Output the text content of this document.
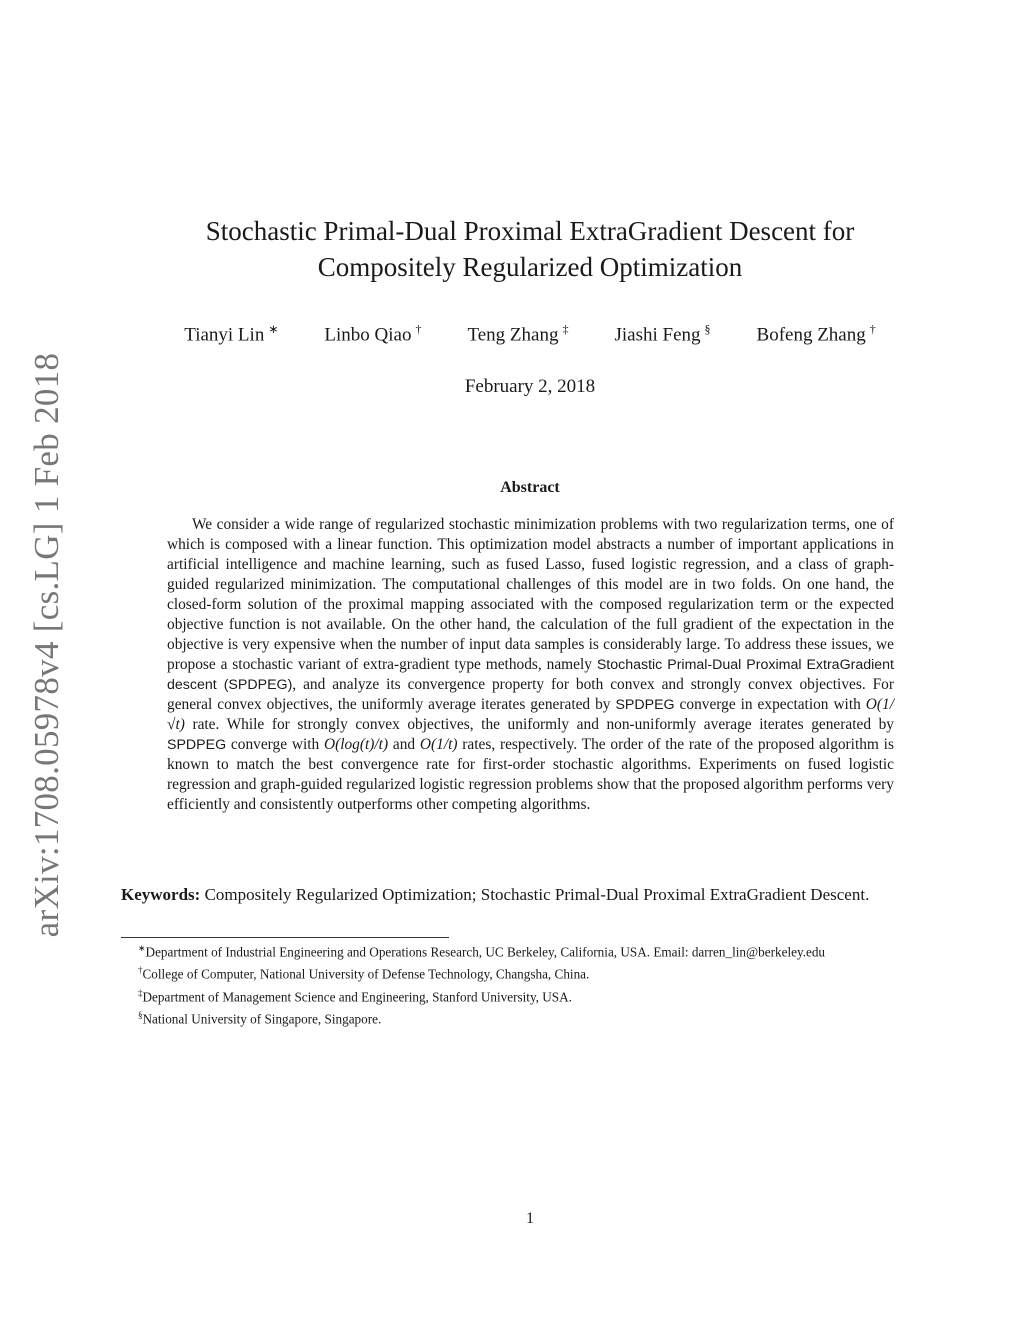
arXiv:1708.05978v4 [cs.LG] 1 Feb 2018
Stochastic Primal-Dual Proximal ExtraGradient Descent for
Compositely Regularized Optimization
Tianyi Lin ∗ Linbo Qiao † Teng Zhang ‡ Jiashi Feng § Bofeng Zhang †
February 2, 2018
Abstract
We consider a wide range of regularized stochastic minimization problems with two regularization terms, one of which is composed with a linear function. This optimization model abstracts a number of important applications in artificial intelligence and machine learning, such as fused Lasso, fused logistic regression, and a class of graph-guided regularized minimization. The computational challenges of this model are in two folds. On one hand, the closed-form solution of the proximal mapping associated with the composed regularization term or the expected objective function is not available. On the other hand, the calculation of the full gradient of the expectation in the objective is very expensive when the number of input data samples is considerably large. To address these issues, we propose a stochastic variant of extra-gradient type methods, namely Stochastic Primal-Dual Proximal ExtraGradient descent (SPDPEG), and analyze its convergence property for both convex and strongly convex objectives. For general convex objectives, the uniformly average iterates generated by SPDPEG converge in expectation with O(1/√t) rate. While for strongly convex objectives, the uniformly and non-uniformly average iterates generated by SPDPEG converge with O(log(t)/t) and O(1/t) rates, respectively. The order of the rate of the proposed algorithm is known to match the best convergence rate for first-order stochastic algorithms. Experiments on fused logistic regression and graph-guided regularized logistic regression problems show that the proposed algorithm performs very efficiently and consistently outperforms other competing algorithms.
Keywords: Compositely Regularized Optimization; Stochastic Primal-Dual Proximal ExtraGradient Descent.
∗Department of Industrial Engineering and Operations Research, UC Berkeley, California, USA. Email: darren_lin@berkeley.edu
†College of Computer, National University of Defense Technology, Changsha, China.
‡Department of Management Science and Engineering, Stanford University, USA.
§National University of Singapore, Singapore.
1
